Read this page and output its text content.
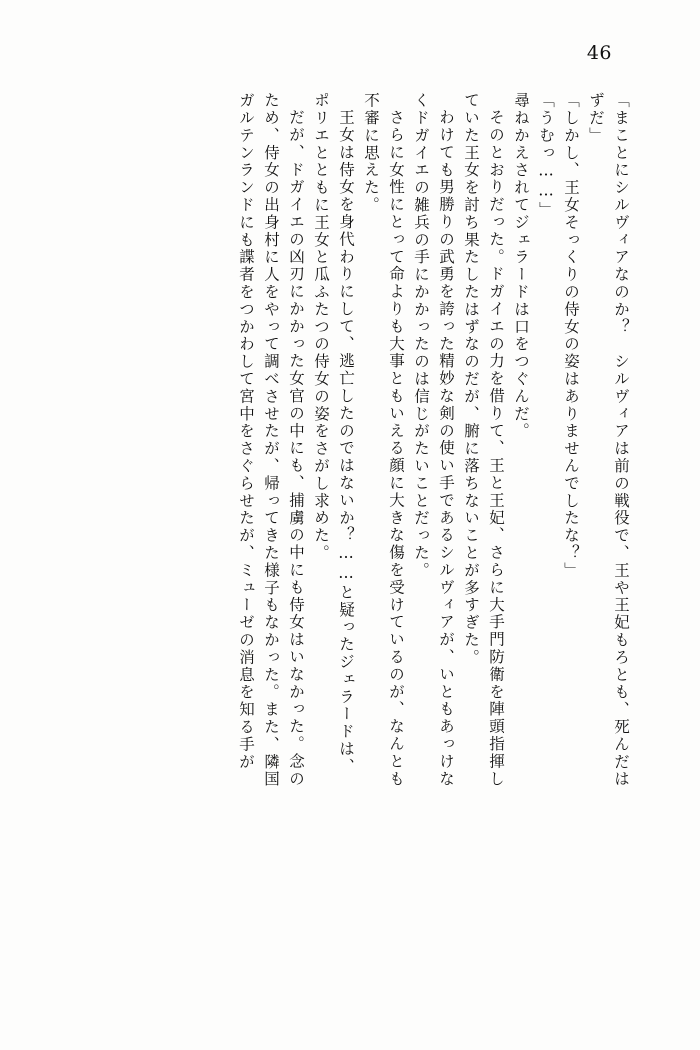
46
「まことにシルヴィアなのか？　シルヴィアは前の戦役で、王や王妃もろとも、死んだは
ずだ」
「しかし、王女そっくりの侍女の姿はありませんでしたな？」
「うむっ……」
尋ねかえされてジェラードは口をつぐんだ。
そのとおりだった。ドガイエの力を借りて、王と王妃、さらに大手門防衛を陣頭指揮し
ていた王女を討ち果たしたはずなのだが、腑に落ちないことが多すぎた。
わけても男勝りの武勇を誇った精妙な剣の使い手であるシルヴィアが、いともあっけな
くドガイエの雑兵の手にかかったのは信じがたいことだった。
さらに女性にとって命よりも大事ともいえる顔に大きな傷を受けているのが、なんとも
不審に思えた。
王女は侍女を身代わりにして、逃亡したのではないか？……と疑ったジェラードは、
ポリエとともに王女と瓜ふたつの侍女の姿をさがし求めた。
だが、ドガイエの凶刃にかかった女官の中にも、捕虜の中にも侍女はいなかった。念の
ため、侍女の出身村に人をやって調べさせたが、帰ってきた様子もなかった。また、隣国
ガルテンランドにも諜者をつかわして宮中をさぐらせたが、ミューゼの消息を知る手が
